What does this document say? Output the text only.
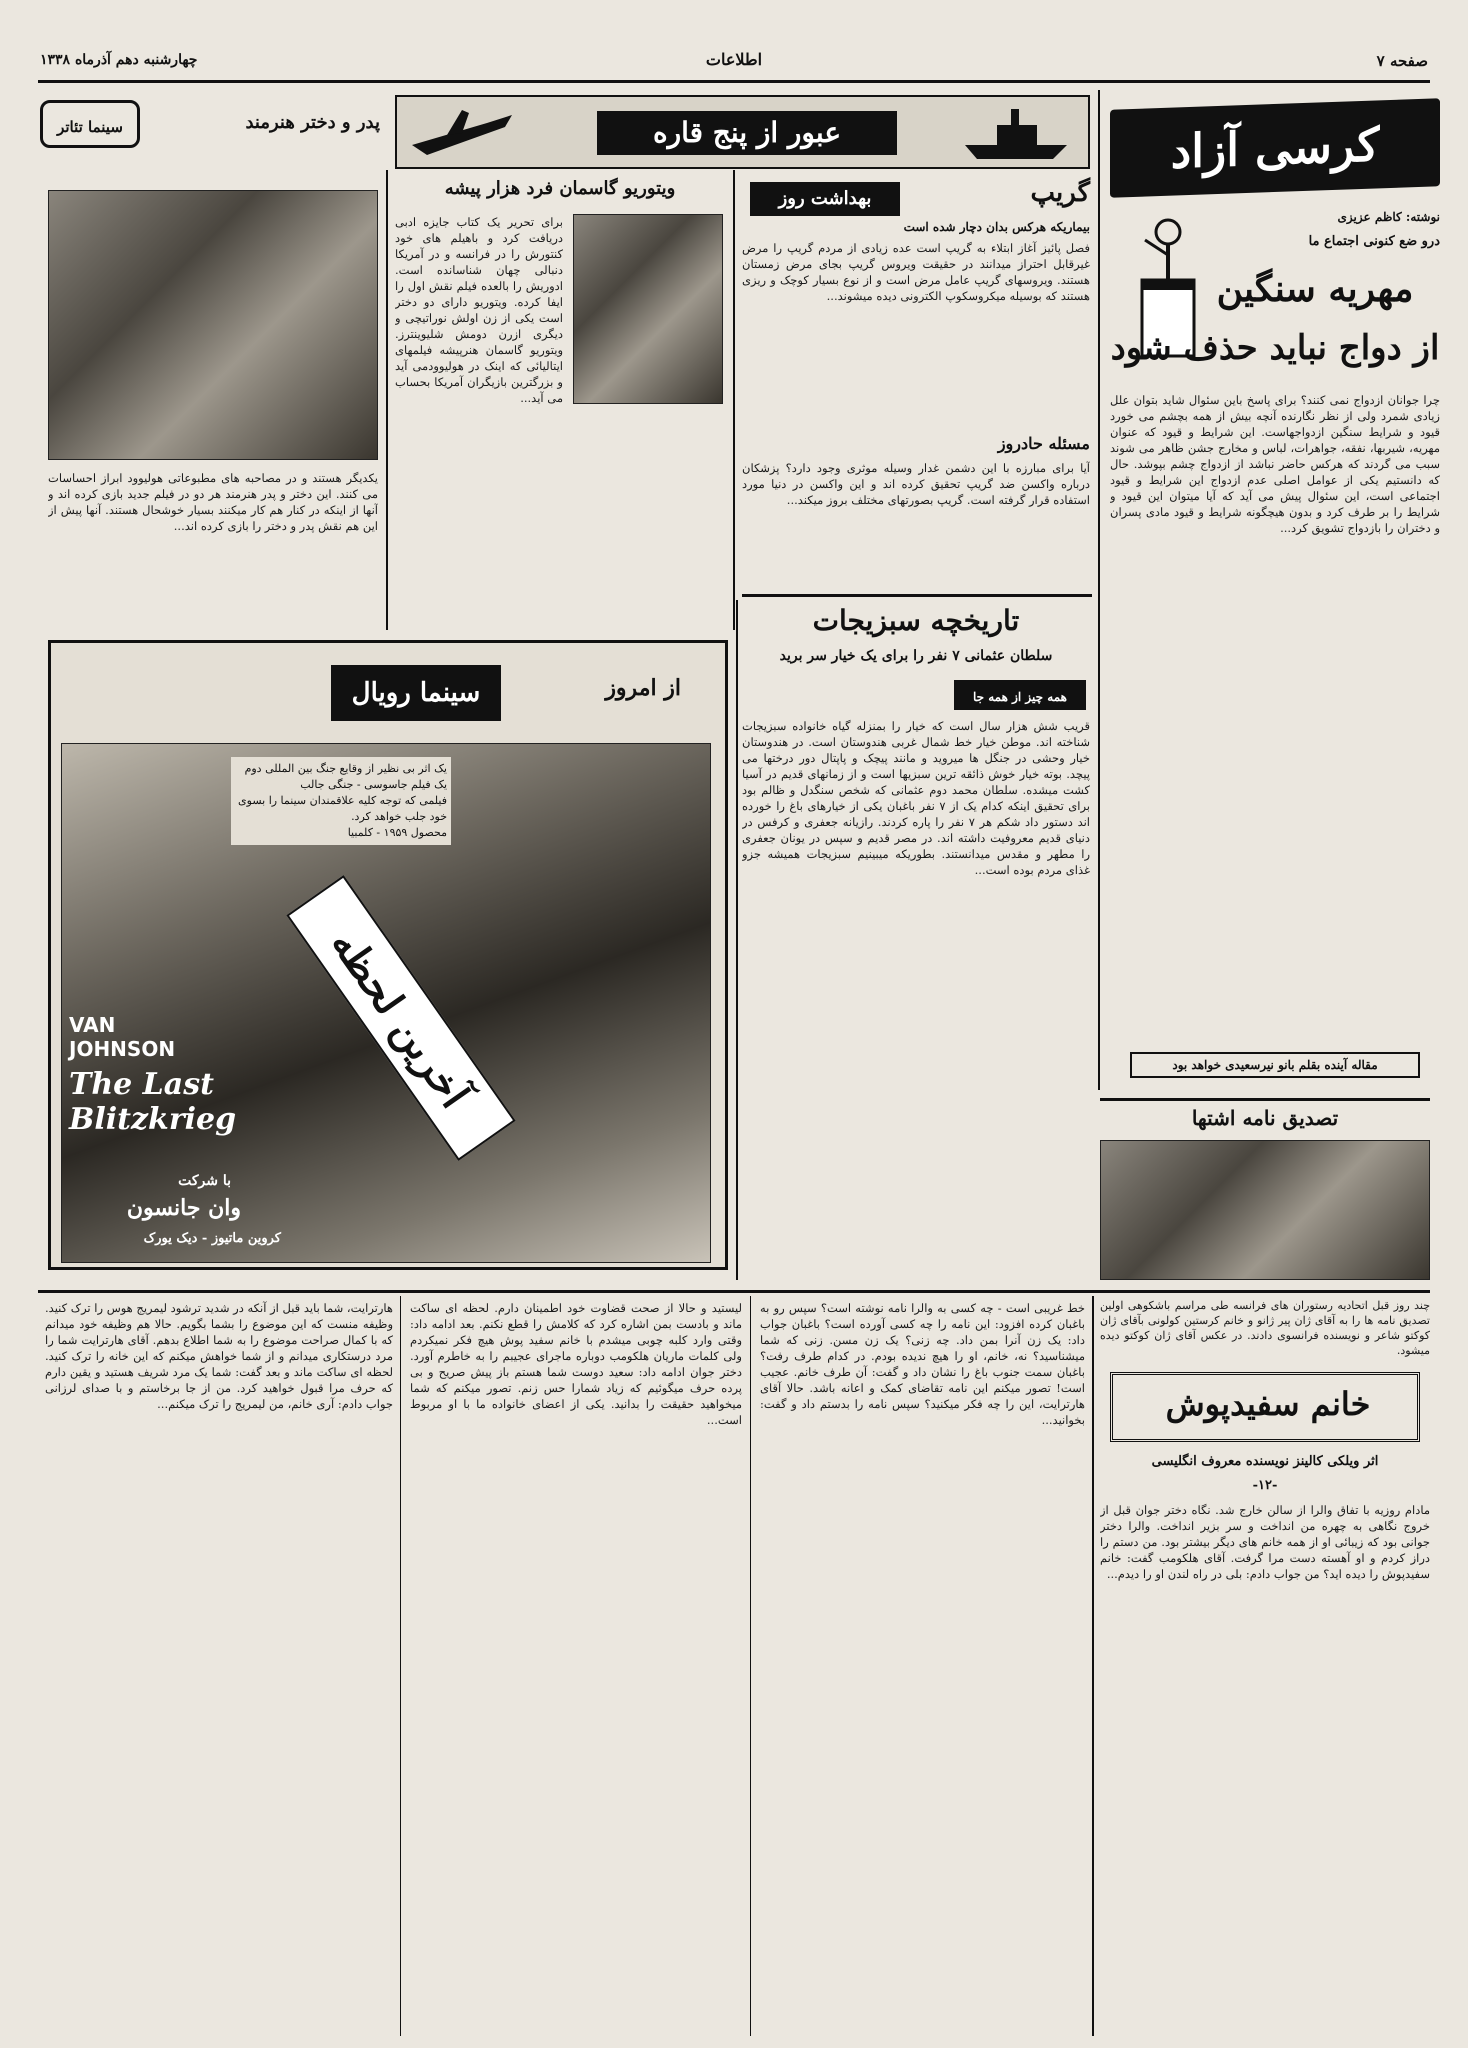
چهارشنبه دهم آذرماه ۱۳۳۸	اطلاعات	صفحه ۷
کرسی آزاد
نوشته: کاظم عزیزی
درو ضع کنونی اجتماع ما
مهریه سنگین
از دواج نباید حذف شود
چرا جوانان ازدواج نمی کنند؟ برای پاسخ باین سئوال شاید بتوان علل زیادی شمرد ولی از نظر نگارنده آنچه بیش از همه بچشم می خورد قیود و شرایط سنگین ازدواجهاست. این شرایط و قیود که عنوان مهریه، شیربها، نفقه، جواهرات، لباس و مخارج جشن ظاهر می شوند سبب می گردند که هرکس حاضر نباشد از ازدواج چشم بپوشد. حال که دانستیم یکی از عوامل اصلی عدم ازدواج این شرایط و قیود اجتماعی است، این سئوال پیش می آید که آیا میتوان این قیود و شرایط را بر طرف کرد و بدون هیچگونه شرایط و قیود مادی پسران و دختران را بازدواج تشویق کرد...
مقاله آینده بقلم بانو نیرسعیدی خواهد بود
عبور از پنج قاره
سینما تئاتر	پدر و دختر هنرمند
یکدیگر هستند و در مصاحبه های مطبوعاتی هولیوود ابراز احساسات می کنند. این دختر و پدر هنرمند هر دو در فیلم جدید بازی کرده اند و آنها از اینکه در کنار هم کار میکنند بسیار خوشحال هستند. آنها پیش از این هم نقش پدر و دختر را بازی کرده اند...
ویتوریو گاسمان فرد هزار پیشه
برای تحریر یک کتاب جایزه ادبی دریافت کرد و باهیلم های خود کنتورش را در فرانسه و در آمریکا دنبالی چهان شناسانده است. ادوریش را بالعده فیلم نقش اول را ایفا کرده. ویتوریو دارای دو دختر است یکی از زن اولش نوراتیچی و دیگری ازرن دومش شلیوینترز. ویتوریو گاسمان هنرپیشه فیلمهای ایتالیائی که اینک در هولیوودمی آید و بزرگترین بازیگران آمریکا بحساب می آید...
بهداشت روز	گریپ
بیماریکه هرکس بدان دچار شده است
فصل پائیز آغاز ابتلاء به گریپ است عده زیادی از مردم گریپ را مرض غیرقابل احتراز میدانند در حقیقت ویروس گریپ بجای مرض زمستان هستند. ویروسهای گریپ عامل مرض است و از نوع بسیار کوچک و ریزی هستند که بوسیله میکروسکوپ الکترونی دیده میشوند...
مسئله حادروز
آیا برای مبارزه با این دشمن غدار وسیله موثری وجود دارد؟ پزشکان درباره واکسن ضد گریپ تحقیق کرده اند و این واکسن در دنیا مورد استفاده قرار گرفته است. گریپ بصورتهای مختلف بروز میکند...
تاریخچه سبزیجات
سلطان عثمانی ۷ نفر را برای یک خیار سر برید
همه چیز از همه جا
قریب شش هزار سال است که خیار را بمنزله گیاه خانواده سبزیجات شناخته اند. موطن خیار خط شمال غربی هندوستان است. در هندوستان خیار وحشی در جنگل ها میروید و مانند پیچک و پاپتال دور درختها می پیچد. بوته خیار خوش ذائقه ترین سبزیها است و از زمانهای قدیم در آسیا کشت میشده. سلطان محمد دوم عثمانی که شخص سنگدل و ظالم بود برای تحقیق اینکه کدام یک از ۷ نفر باغبان یکی از خیارهای باغ را خورده اند دستور داد شکم هر ۷ نفر را پاره کردند. رازیانه جعفری و کرفس در دنیای قدیم معروفیت داشته اند. در مصر قدیم و سپس در یونان جعفری را مطهر و مقدس میدانستند. بطوریکه میبینیم سبزیجات همیشه جزو غذای مردم بوده است...
از امروز
سینما رویال
یک اثر بی نظیر از وقایع جنگ بین المللی دوم
یک فیلم جاسوسی - جنگی جالب
فیلمی که توجه کلیه علاقمندان سینما را بسوی خود جلب خواهد کرد.
محصول ۱۹۵۹ - کلمبیا
آخرین لحظه
VAN
JOHNSON
The Last
Blitzkrieg
با شرکت
وان جانسون
کروین ماتیوز - دیک یورک
تصدیق نامه اشتها
چند روز قبل اتحادیه رستوران های فرانسه طی مراسم باشکوهی اولین تصدیق نامه ها را به آقای ژان پیر ژانو و خانم کرستین کولونی بآقای ژان کوکتو شاعر و نویسنده فرانسوی دادند. در عکس آقای ژان کوکتو دیده میشود.
خانم سفیدپوش
اثر ویلکی کالینز نویسنده معروف انگلیسی
-۱۲-
مادام روزیه با تفاق والرا از سالن خارج شد. نگاه دختر جوان قبل از خروج نگاهی به چهره من انداخت و سر بزیر انداخت. والرا دختر جوانی بود که زیبائی او از همه خانم های دیگر بیشتر بود. من دستم را دراز کردم و او آهسته دست مرا گرفت. آقای هلکومب گفت: خانم سفیدپوش را دیده اید؟ من جواب دادم: بلی در راه لندن او را دیدم...
خط غریبی است - چه کسی به والرا نامه نوشته است؟ سپس رو به باغبان کرده افزود: این نامه را چه کسی آورده است؟ باغبان جواب داد: یک زن آنرا بمن داد. چه زنی؟ یک زن مسن. زنی که شما میشناسید؟ نه، خانم، او را هیچ ندیده بودم. در کدام طرف رفت؟ باغبان سمت جنوب باغ را نشان داد و گفت: آن طرف خانم. عجیب است! تصور میکنم این نامه تقاضای کمک و اعانه باشد. حالا آقای هارترایت، این را چه فکر میکنید؟ سپس نامه را بدستم داد و گفت: بخوانید...
لیستید و حالا از صحت قضاوت خود اطمینان دارم. لحظه ای ساکت ماند و بادست بمن اشاره کرد که کلامش را قطع نکنم. بعد ادامه داد: وقتی وارد کلبه چوبی میشدم با خانم سفید پوش هیچ فکر نمیکردم ولی کلمات ماریان هلکومب دوباره ماجرای عجیبم را به خاطرم آورد. دختر جوان ادامه داد: سعید دوست شما هستم باز پیش صریح و بی پرده حرف میگوئیم که زیاد شمارا حس زنم. تصور میکنم که شما میخواهید حقیقت را بدانید. یکی از اعضای خانواده ما با او مربوط است...
هارترایت، شما باید قبل از آنکه در شدید ترشود لیمریج هوس را ترک کنید. وظیفه منست که این موضوع را بشما بگویم. حالا هم وظیفه خود میدانم که با کمال صراحت موضوع را به شما اطلاع بدهم. آقای هارترایت شما را مرد درستکاری میدانم و از شما خواهش میکنم که این خانه را ترک کنید. لحظه ای ساکت ماند و بعد گفت: شما یک مرد شریف هستید و یقین دارم که حرف مرا قبول خواهید کرد. من از جا برخاستم و با صدای لرزانی جواب دادم: آری خانم، من لیمریج را ترک میکنم...
